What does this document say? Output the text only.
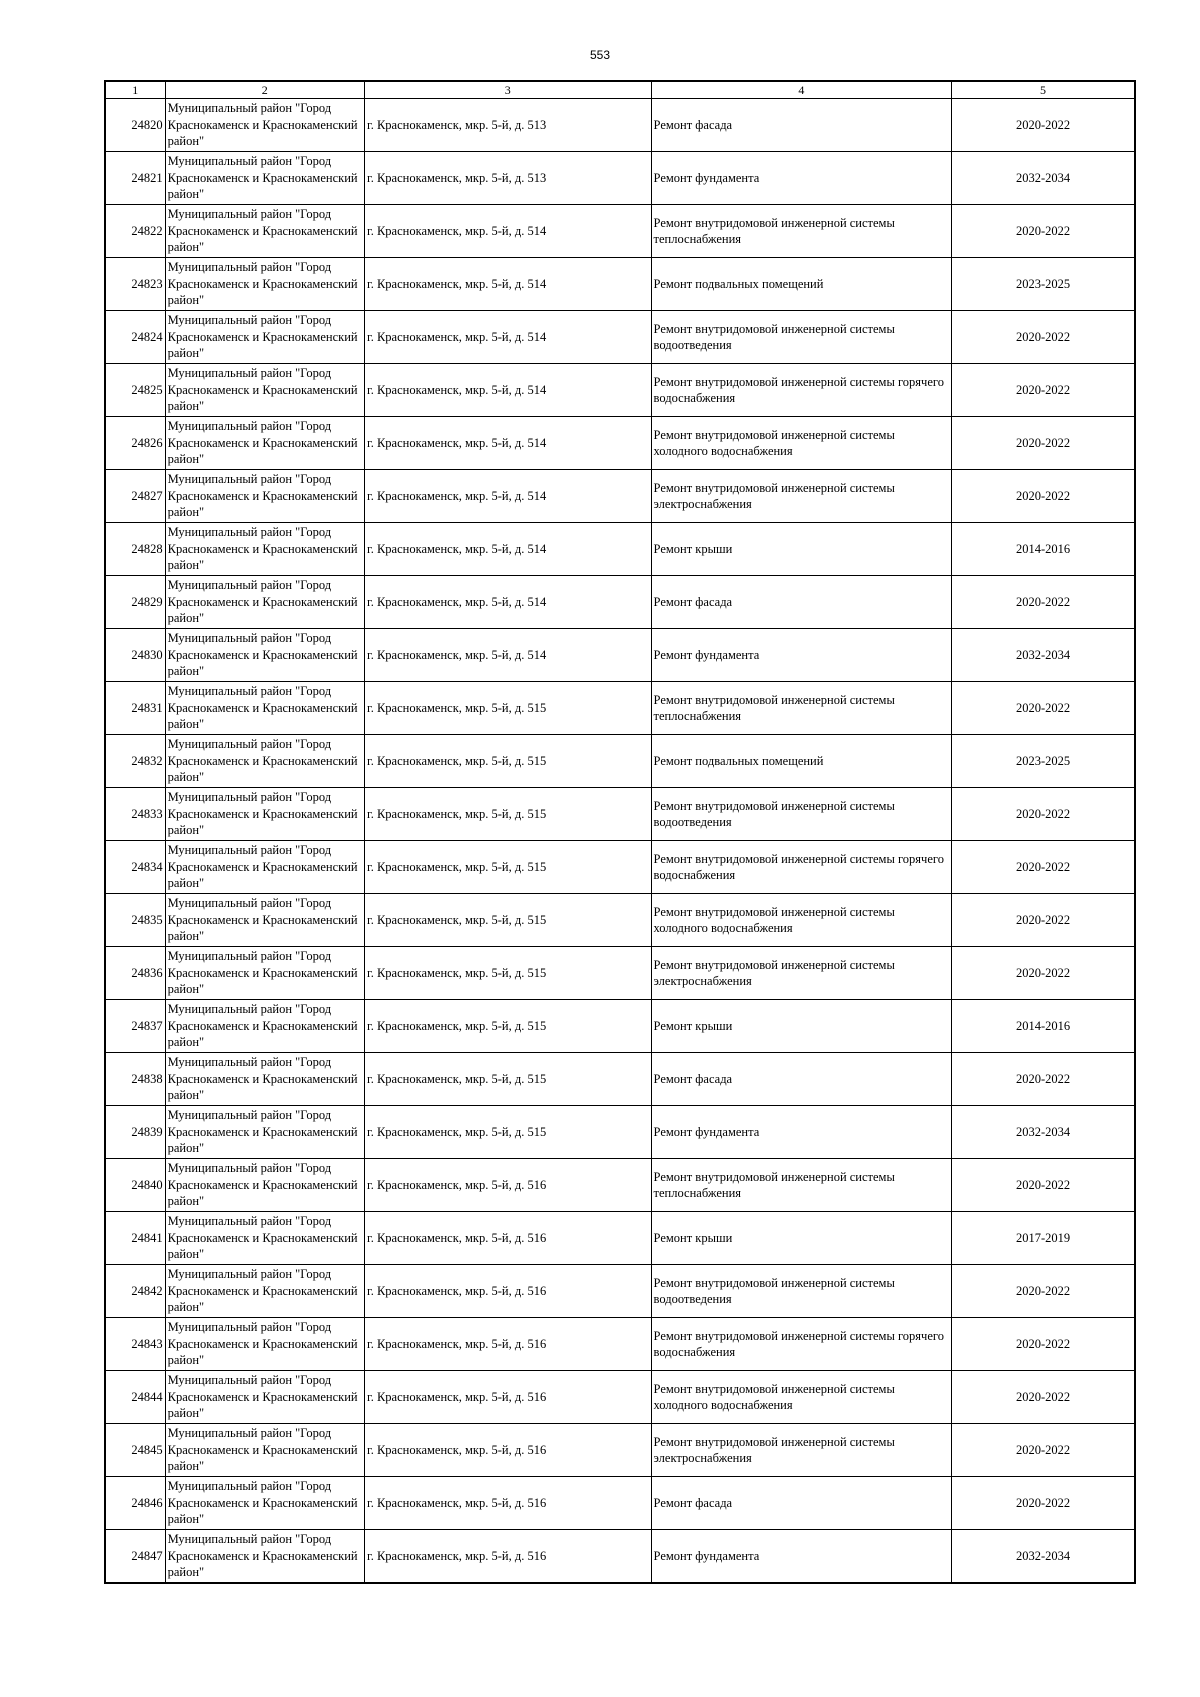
553
1	2	3	4	5
24820	Муниципальный район "Город Краснокаменск и Краснокаменский район"	г. Краснокаменск, мкр. 5-й, д. 513	Ремонт фасада	2020-2022
24821	Муниципальный район "Город Краснокаменск и Краснокаменский район"	г. Краснокаменск, мкр. 5-й, д. 513	Ремонт фундамента	2032-2034
24822	Муниципальный район "Город Краснокаменск и Краснокаменский район"	г. Краснокаменск, мкр. 5-й, д. 514	Ремонт внутридомовой инженерной системы теплоснабжения	2020-2022
24823	Муниципальный район "Город Краснокаменск и Краснокаменский район"	г. Краснокаменск, мкр. 5-й, д. 514	Ремонт подвальных помещений	2023-2025
24824	Муниципальный район "Город Краснокаменск и Краснокаменский район"	г. Краснокаменск, мкр. 5-й, д. 514	Ремонт внутридомовой инженерной системы водоотведения	2020-2022
24825	Муниципальный район "Город Краснокаменск и Краснокаменский район"	г. Краснокаменск, мкр. 5-й, д. 514	Ремонт внутридомовой инженерной системы горячего водоснабжения	2020-2022
24826	Муниципальный район "Город Краснокаменск и Краснокаменский район"	г. Краснокаменск, мкр. 5-й, д. 514	Ремонт внутридомовой инженерной системы холодного водоснабжения	2020-2022
24827	Муниципальный район "Город Краснокаменск и Краснокаменский район"	г. Краснокаменск, мкр. 5-й, д. 514	Ремонт внутридомовой инженерной системы электроснабжения	2020-2022
24828	Муниципальный район "Город Краснокаменск и Краснокаменский район"	г. Краснокаменск, мкр. 5-й, д. 514	Ремонт крыши	2014-2016
24829	Муниципальный район "Город Краснокаменск и Краснокаменский район"	г. Краснокаменск, мкр. 5-й, д. 514	Ремонт фасада	2020-2022
24830	Муниципальный район "Город Краснокаменск и Краснокаменский район"	г. Краснокаменск, мкр. 5-й, д. 514	Ремонт фундамента	2032-2034
24831	Муниципальный район "Город Краснокаменск и Краснокаменский район"	г. Краснокаменск, мкр. 5-й, д. 515	Ремонт внутридомовой инженерной системы теплоснабжения	2020-2022
24832	Муниципальный район "Город Краснокаменск и Краснокаменский район"	г. Краснокаменск, мкр. 5-й, д. 515	Ремонт подвальных помещений	2023-2025
24833	Муниципальный район "Город Краснокаменск и Краснокаменский район"	г. Краснокаменск, мкр. 5-й, д. 515	Ремонт внутридомовой инженерной системы водоотведения	2020-2022
24834	Муниципальный район "Город Краснокаменск и Краснокаменский район"	г. Краснокаменск, мкр. 5-й, д. 515	Ремонт внутридомовой инженерной системы горячего водоснабжения	2020-2022
24835	Муниципальный район "Город Краснокаменск и Краснокаменский район"	г. Краснокаменск, мкр. 5-й, д. 515	Ремонт внутридомовой инженерной системы холодного водоснабжения	2020-2022
24836	Муниципальный район "Город Краснокаменск и Краснокаменский район"	г. Краснокаменск, мкр. 5-й, д. 515	Ремонт внутридомовой инженерной системы электроснабжения	2020-2022
24837	Муниципальный район "Город Краснокаменск и Краснокаменский район"	г. Краснокаменск, мкр. 5-й, д. 515	Ремонт крыши	2014-2016
24838	Муниципальный район "Город Краснокаменск и Краснокаменский район"	г. Краснокаменск, мкр. 5-й, д. 515	Ремонт фасада	2020-2022
24839	Муниципальный район "Город Краснокаменск и Краснокаменский район"	г. Краснокаменск, мкр. 5-й, д. 515	Ремонт фундамента	2032-2034
24840	Муниципальный район "Город Краснокаменск и Краснокаменский район"	г. Краснокаменск, мкр. 5-й, д. 516	Ремонт внутридомовой инженерной системы теплоснабжения	2020-2022
24841	Муниципальный район "Город Краснокаменск и Краснокаменский район"	г. Краснокаменск, мкр. 5-й, д. 516	Ремонт крыши	2017-2019
24842	Муниципальный район "Город Краснокаменск и Краснокаменский район"	г. Краснокаменск, мкр. 5-й, д. 516	Ремонт внутридомовой инженерной системы водоотведения	2020-2022
24843	Муниципальный район "Город Краснокаменск и Краснокаменский район"	г. Краснокаменск, мкр. 5-й, д. 516	Ремонт внутридомовой инженерной системы горячего водоснабжения	2020-2022
24844	Муниципальный район "Город Краснокаменск и Краснокаменский район"	г. Краснокаменск, мкр. 5-й, д. 516	Ремонт внутридомовой инженерной системы холодного водоснабжения	2020-2022
24845	Муниципальный район "Город Краснокаменск и Краснокаменский район"	г. Краснокаменск, мкр. 5-й, д. 516	Ремонт внутридомовой инженерной системы электроснабжения	2020-2022
24846	Муниципальный район "Город Краснокаменск и Краснокаменский район"	г. Краснокаменск, мкр. 5-й, д. 516	Ремонт фасада	2020-2022
24847	Муниципальный район "Город Краснокаменск и Краснокаменский район"	г. Краснокаменск, мкр. 5-й, д. 516	Ремонт фундамента	2032-2034
